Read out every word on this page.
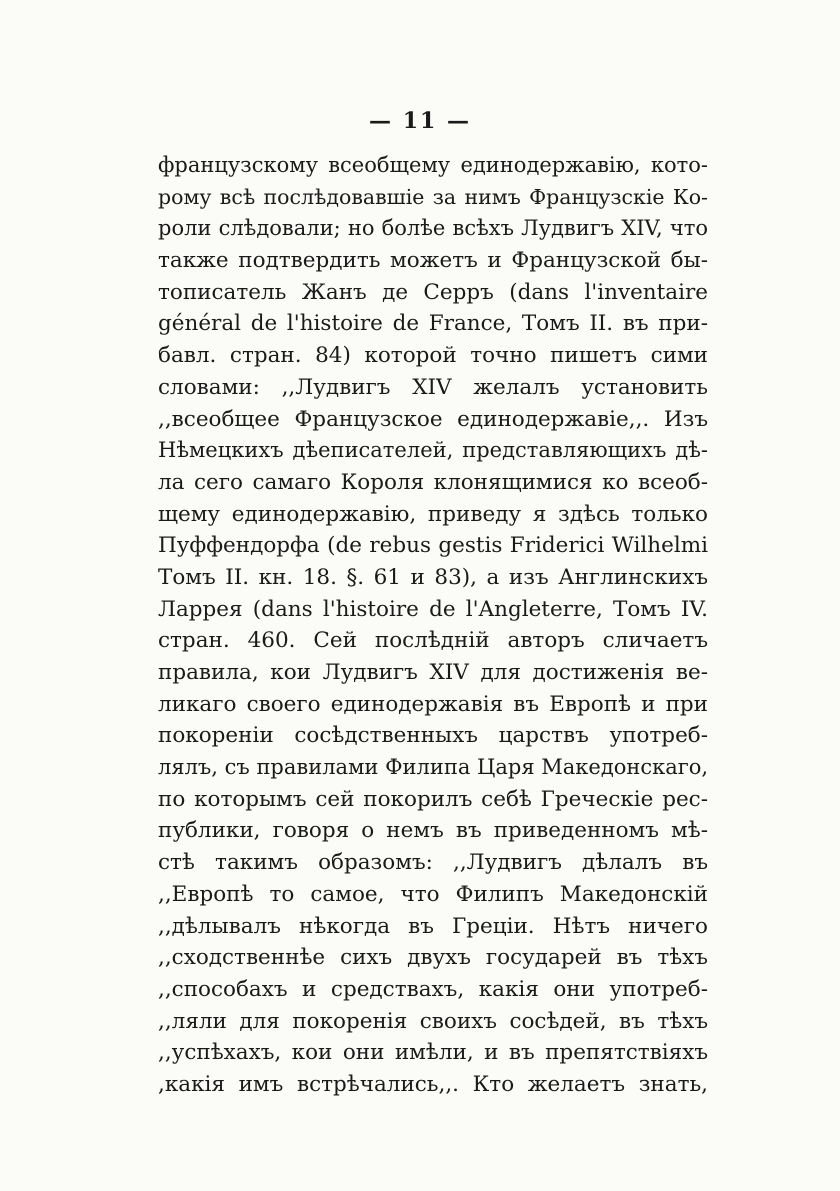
— 11 —
французскому всеобщему единодержавію, кото-
рому всѣ послѣдовавшіе за нимъ Французскіе Ко-
роли слѣдовали; но болѣе всѣхъ Лудвигъ XIV, что
также подтвердить можетъ и Французской бы-
тописатель Жанъ де Серръ (dans l'inventaire
général de l'histoire de France, Томъ II. въ при-
бавл. стран. 84) которой точно пишетъ сими
словами: ,,Лудвигъ XIV желалъ установить
,,всеобщее Французское единодержавіе,,. Изъ
Нѣмецкихъ дѣеписателей, представляющихъ дѣ-
ла сего самаго Короля клонящимися ко всеоб-
щему единодержавію, приведу я здѣсь только
Пуффендорфа (de rebus gestis Friderici Wilhelmi
Томъ II. кн. 18. §. 61 и 83), а изъ Англинскихъ
Ларрея (dans l'histoire de l'Angleterre, Томъ IV.
стран. 460. Сей послѣдній авторъ сличаетъ
правила, кои Лудвигъ XIV для достиженія ве-
ликаго своего единодержавія въ Европѣ и при
покореніи сосѣдственныхъ царствъ употреб-
лялъ, съ правилами Филипа Царя Македонскаго,
по которымъ сей покорилъ себѣ Греческіе рес-
публики, говоря о немъ въ приведенномъ мѣ-
стѣ такимъ образомъ: ,,Лудвигъ дѣлалъ въ
,,Европѣ то самое, что Филипъ Македонскій
,,дѣлывалъ нѣкогда въ Греціи. Нѣтъ ничего
,,сходственнѣе сихъ двухъ государей въ тѣхъ
,,способахъ и средствахъ, какія они употреб-
,,ляли для покоренія своихъ сосѣдей, въ тѣхъ
,,успѣхахъ, кои они имѣли, и въ препятствіяхъ
,какія имъ встрѣчались,,. Кто желаетъ знать,
